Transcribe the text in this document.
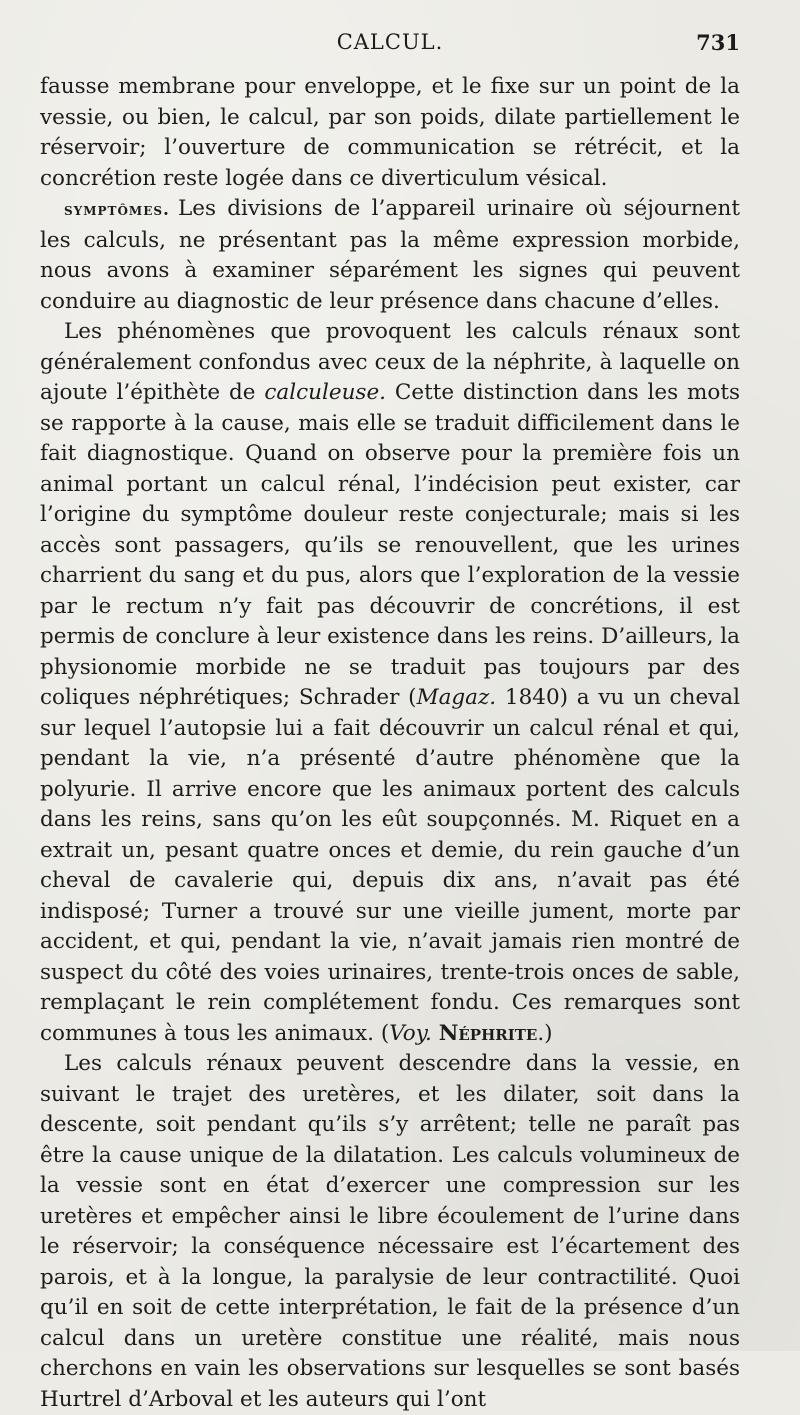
CALCUL.	731

fausse membrane pour enveloppe, et le fixe sur un point de la vessie, ou bien, le calcul, par son poids, dilate partiellement le réservoir; l’ouverture de communication se rétrécit, et la concrétion reste logée dans ce diverticulum vésical.

symptômes. Les divisions de l’appareil urinaire où séjournent les calculs, ne présentant pas la même expression morbide, nous avons à examiner séparément les signes qui peuvent conduire au diagnostic de leur présence dans chacune d’elles.

Les phénomènes que provoquent les calculs rénaux sont généralement confondus avec ceux de la néphrite, à laquelle on ajoute l’épithète de calculeuse. Cette distinction dans les mots se rapporte à la cause, mais elle se traduit difficilement dans le fait diagnostique. Quand on observe pour la première fois un animal portant un calcul rénal, l’indécision peut exister, car l’origine du symptôme douleur reste conjecturale; mais si les accès sont passagers, qu’ils se renouvellent, que les urines charrient du sang et du pus, alors que l’exploration de la vessie par le rectum n’y fait pas découvrir de concrétions, il est permis de conclure à leur existence dans les reins. D’ailleurs, la physionomie morbide ne se traduit pas toujours par des coliques néphrétiques; Schrader (Magaz. 1840) a vu un cheval sur lequel l’autopsie lui a fait découvrir un calcul rénal et qui, pendant la vie, n’a présenté d’autre phénomène que la polyurie. Il arrive encore que les animaux portent des calculs dans les reins, sans qu’on les eût soupçonnés. M. Riquet en a extrait un, pesant quatre onces et demie, du rein gauche d’un cheval de cavalerie qui, depuis dix ans, n’avait pas été indisposé; Turner a trouvé sur une vieille jument, morte par accident, et qui, pendant la vie, n’avait jamais rien montré de suspect du côté des voies urinaires, trente-trois onces de sable, remplaçant le rein complétement fondu. Ces remarques sont communes à tous les animaux. (Voy. Néphrite.)

Les calculs rénaux peuvent descendre dans la vessie, en suivant le trajet des uretères, et les dilater, soit dans la descente, soit pendant qu’ils s’y arrêtent; telle ne paraît pas être la cause unique de la dilatation. Les calculs volumineux de la vessie sont en état d’exercer une compression sur les uretères et empêcher ainsi le libre écoulement de l’urine dans le réservoir; la conséquence nécessaire est l’écartement des parois, et à la longue, la paralysie de leur contractilité. Quoi qu’il en soit de cette interprétation, le fait de la présence d’un calcul dans un uretère constitue une réalité, mais nous cherchons en vain les observations sur lesquelles se sont basés Hurtrel d’Arboval et les auteurs qui l’ont
